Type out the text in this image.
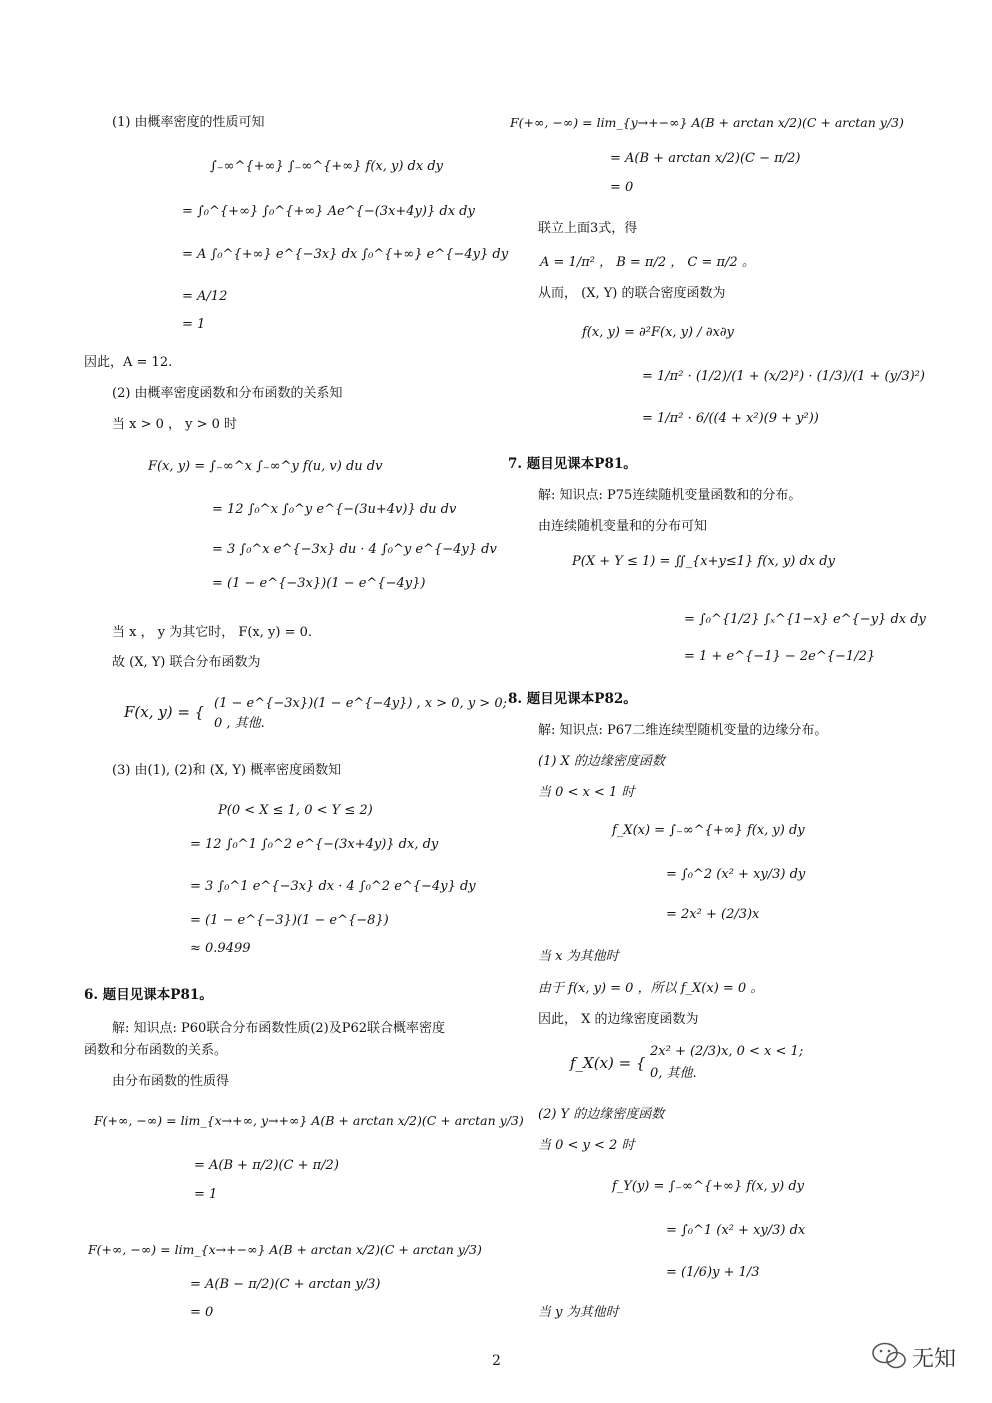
(1) 由概率密度的性质可知
∫₋∞^{+∞} ∫₋∞^{+∞} f(x, y) dx dy
= ∫₀^{+∞} ∫₀^{+∞} Ae^{−(3x+4y)} dx dy
= A ∫₀^{+∞} e^{−3x} dx ∫₀^{+∞} e^{−4y} dy
= A/12
= 1
因此，A = 12.
(2) 由概率密度函数和分布函数的关系知
当 x > 0 ， y > 0 时
F(x, y) = ∫₋∞^x ∫₋∞^y f(u, v) du dv
= 12 ∫₀^x ∫₀^y e^{−(3u+4v)} du dv
= 3 ∫₀^x e^{−3x} du · 4 ∫₀^y e^{−4y} dv
= (1 − e^{−3x})(1 − e^{−4y})
当 x ， y 为其它时， F(x, y) = 0.
故 (X, Y) 联合分布函数为
F(x, y) = { (1 − e^{−3x})(1 − e^{−4y}) , x > 0, y > 0;
0 , 其他.
(3) 由(1), (2)和 (X, Y) 概率密度函数知
P(0 < X ≤ 1, 0 < Y ≤ 2)
= 12 ∫₀^1 ∫₀^2 e^{−(3x+4y)} dx, dy
= 3 ∫₀^1 e^{−3x} dx · 4 ∫₀^2 e^{−4y} dy
= (1 − e^{−3})(1 − e^{−8})
≈ 0.9499
6. 题目见课本P81。
解: 知识点: P60联合分布函数性质(2)及P62联合概率密度
函数和分布函数的关系。
由分布函数的性质得
F(+∞, −∞) = lim_{x→+∞, y→+∞} A(B + arctan x/2)(C + arctan y/3)
= A(B + π/2)(C + π/2)
= 1
F(+∞, −∞) = lim_{x→+−∞} A(B + arctan x/2)(C + arctan y/3)
= A(B − π/2)(C + arctan y/3)
= 0
F(+∞, −∞) = lim_{y→+−∞} A(B + arctan x/2)(C + arctan y/3)
= A(B + arctan x/2)(C − π/2)
= 0
联立上面3式，得
A = 1/π² ， B = π/2 ， C = π/2 。
从而， (X, Y) 的联合密度函数为
f(x, y) = ∂²F(x, y) / ∂x∂y
= 1/π² · (1/2)/(1 + (x/2)²) · (1/3)/(1 + (y/3)²)
= 1/π² · 6/((4 + x²)(9 + y²))
7. 题目见课本P81。
解: 知识点: P75连续随机变量函数和的分布。
由连续随机变量和的分布可知
P(X + Y ≤ 1) = ∬_{x+y≤1} f(x, y) dx dy
= ∫₀^{1/2} ∫ₓ^{1−x} e^{−y} dx dy
= 1 + e^{−1} − 2e^{−1/2}
8. 题目见课本P82。
解: 知识点: P67二维连续型随机变量的边缘分布。
(1) X 的边缘密度函数
当 0 < x < 1 时
f_X(x) = ∫₋∞^{+∞} f(x, y) dy
= ∫₀^2 (x² + xy/3) dy
= 2x² + (2/3)x
当 x 为其他时
由于 f(x, y) = 0 ，所以 f_X(x) = 0 。
因此， X 的边缘密度函数为
f_X(x) = {
2x² + (2/3)x, 0 < x < 1;
0, 其他.
(2) Y 的边缘密度函数
当 0 < y < 2 时
f_Y(y) = ∫₋∞^{+∞} f(x, y) dy
= ∫₀^1 (x² + xy/3) dx
= (1/6)y + 1/3
当 y 为其他时
2	无知
